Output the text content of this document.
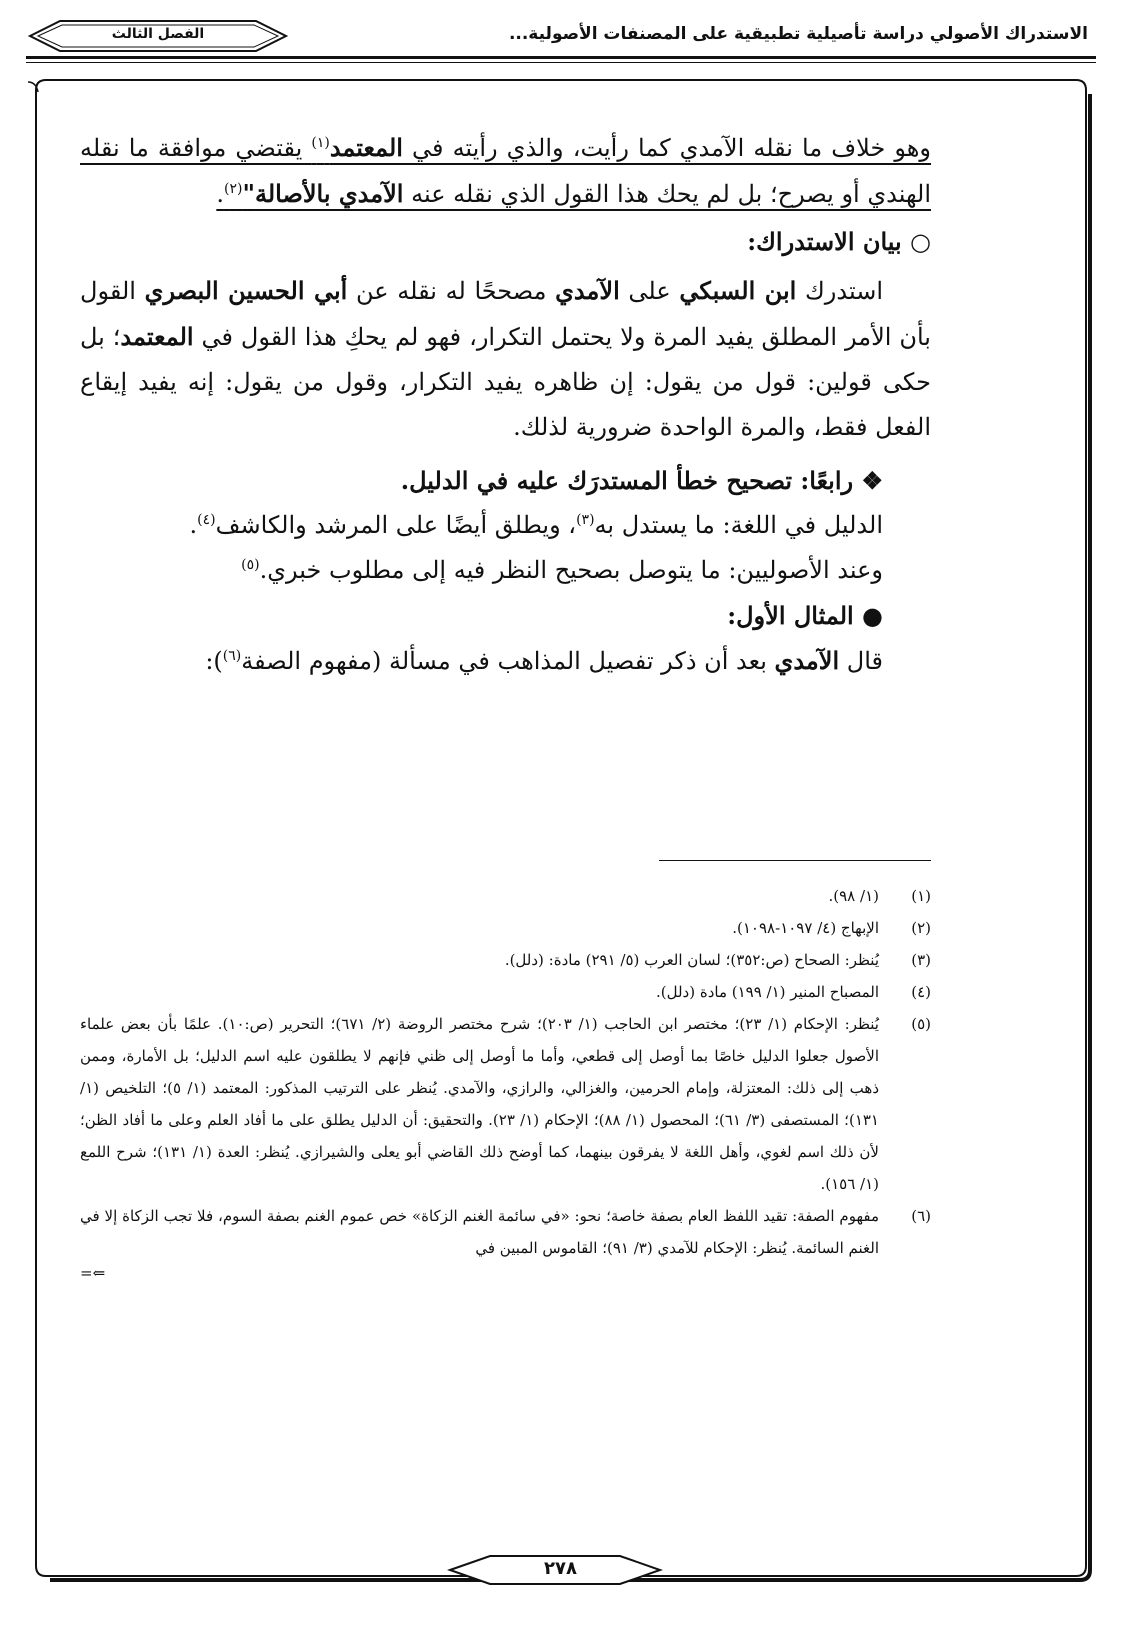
الاستدراك الأصولي دراسة تأصيلية تطبيقية على المصنفات الأصولية...
الفصل الثالث

وهو خلاف ما نقله الآمدي كما رأيت، والذي رأيته في المعتمد$^{(١)}$ يقتضي موافقة ما نقله الهندي أو يصرح؛ بل لم يحك هذا القول الذي نقله عنه الآمدي بالأصالة"$^{(٢)}$.

○ بيان الاستدراك:

استدرك ابن السبكي على الآمدي مصححًا له نقله عن أبي الحسين البصري القول بأن الأمر المطلق يفيد المرة ولا يحتمل التكرار، فهو لم يحكِ هذا القول في المعتمد؛ بل حكى قولين: قول من يقول: إن ظاهره يفيد التكرار، وقول من يقول: إنه يفيد إيقاع الفعل فقط، والمرة الواحدة ضرورية لذلك.

❖ رابعًا: تصحيح خطأ المستدرَك عليه في الدليل.

الدليل في اللغة: ما يستدل به$^{(٣)}$، ويطلق أيضًا على المرشد والكاشف$^{(٤)}$.

وعند الأصوليين: ما يتوصل بصحيح النظر فيه إلى مطلوب خبري.$^{(٥)}$

● المثال الأول:

قال الآمدي بعد أن ذكر تفصيل المذاهب في مسألة (مفهوم الصفة$^{(٦)}$):

(١)
(١/ ٩٨).
(٢)
الإبهاج (٤/ ١٠٩٧-١٠٩٨).
(٣)
يُنظر: الصحاح (ص:٣٥٢)؛ لسان العرب (٥/ ٢٩١) مادة: (دلل).
(٤)
المصباح المنير (١/ ١٩٩) مادة (دلل).
(٥)
يُنظر: الإحكام (١/ ٢٣)؛ مختصر ابن الحاجب (١/ ٢٠٣)؛ شرح مختصر الروضة (٢/ ٦٧١)؛ التحرير (ص:١٠). علمًا بأن بعض علماء الأصول جعلوا الدليل خاصًا بما أوصل إلى قطعي، وأما ما أوصل إلى ظني فإنهم لا يطلقون عليه اسم الدليل؛ بل الأمارة، وممن ذهب إلى ذلك: المعتزلة، وإمام الحرمين، والغزالي، والرازي، والآمدي. يُنظر على الترتيب المذكور: المعتمد (١/ ٥)؛ التلخيص (١/ ١٣١)؛ المستصفى (٣/ ٦١)؛ المحصول (١/ ٨٨)؛ الإحكام (١/ ٢٣). والتحقيق: أن الدليل يطلق على ما أفاد العلم وعلى ما أفاد الظن؛ لأن ذلك اسم لغوي، وأهل اللغة لا يفرقون بينهما، كما أوضح ذلك القاضي أبو يعلى والشيرازي. يُنظر: العدة (١/ ١٣١)؛ شرح اللمع (١/ ١٥٦).
(٦)
مفهوم الصفة: تقيد اللفظ العام بصفة خاصة؛ نحو: «في سائمة الغنم الزكاة» خص عموم الغنم بصفة السوم، فلا تجب الزكاة إلا في الغنم السائمة. يُنظر: الإحكام للآمدي (٣/ ٩١)؛ القاموس المبين في
⇐=
٢٧٨
